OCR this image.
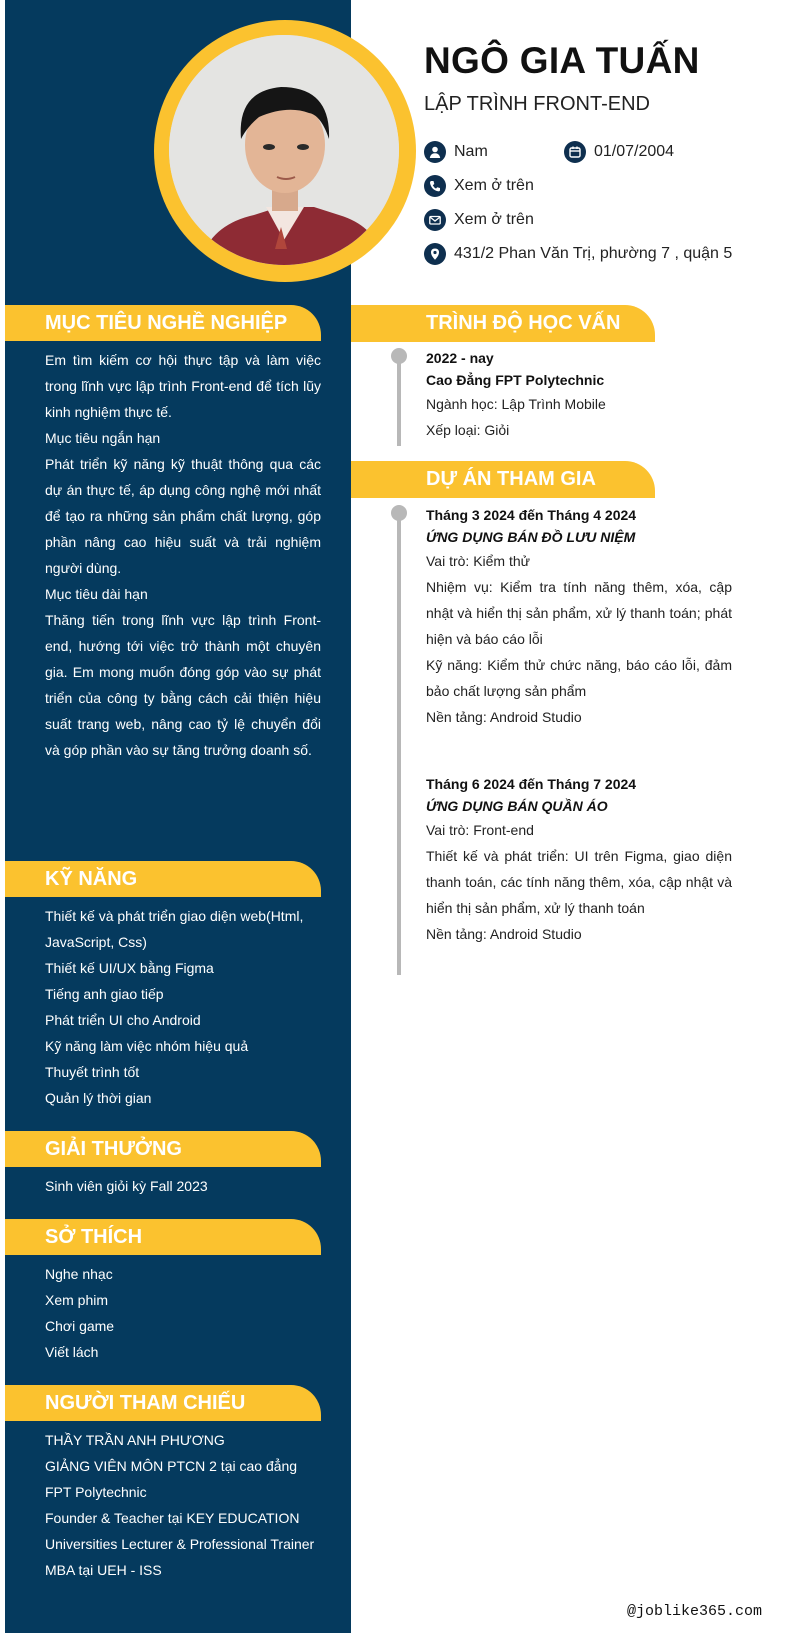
NGÔ GIA TUẤN
LẬP TRÌNH FRONT-END
Nam	01/07/2004
Xem ở trên
Xem ở trên
431/2 Phan Văn Trị, phường 7 , quận 5
MỤC TIÊU NGHỀ NGHIỆP

Em tìm kiếm cơ hội thực tập và làm việc trong lĩnh vực lập trình Front-end để tích lũy kinh nghiệm thực tế.

Mục tiêu ngắn hạn

Phát triển kỹ năng kỹ thuật thông qua các dự án thực tế, áp dụng công nghệ mới nhất để tạo ra những sản phẩm chất lượng, góp phần nâng cao hiệu suất và trải nghiệm người dùng.

Mục tiêu dài hạn

Thăng tiến trong lĩnh vực lập trình Front-end, hướng tới việc trở thành một chuyên gia. Em mong muốn đóng góp vào sự phát triển của công ty bằng cách cải thiện hiệu suất trang web, nâng cao tỷ lệ chuyển đổi và góp phần vào sự tăng trưởng doanh số.

KỸ NĂNG

Thiết kế và phát triển giao diện web(Html, JavaScript, Css)

Thiết kế UI/UX bằng Figma

Tiếng anh giao tiếp

Phát triển UI cho Android

Kỹ năng làm việc nhóm hiệu quả

Thuyết trình tốt

Quản lý thời gian

GIẢI THƯỞNG

Sinh viên giỏi kỳ Fall 2023

SỞ THÍCH

Nghe nhạc

Xem phim

Chơi game

Viết lách

NGƯỜI THAM CHIẾU

THẦY TRẦN ANH PHƯƠNG

GIẢNG VIÊN MÔN PTCN 2 tại cao đẳng FPT Polytechnic

Founder & Teacher tại KEY EDUCATION

Universities Lecturer & Professional Trainer

MBA tại UEH - ISS

TRÌNH ĐỘ HỌC VẤN

2022 - nay

Cao Đẳng FPT Polytechnic

Ngành học: Lập Trình Mobile

Xếp loại: Giỏi

DỰ ÁN THAM GIA

Tháng 3 2024 đến Tháng 4 2024

ỨNG DỤNG BÁN ĐỒ LƯU NIỆM

Vai trò: Kiểm thử

Nhiệm vụ: Kiểm tra tính năng thêm, xóa, cập nhật và hiển thị sản phẩm, xử lý thanh toán; phát hiện và báo cáo lỗi

Kỹ năng: Kiểm thử chức năng, báo cáo lỗi, đảm bảo chất lượng sản phẩm

Nền tảng: Android Studio

Tháng 6 2024 đến Tháng 7 2024

ỨNG DỤNG BÁN QUẦN ÁO

Vai trò: Front-end

Thiết kế và phát triển: UI trên Figma, giao diện thanh toán, các tính năng thêm, xóa, cập nhật và hiển thị sản phẩm, xử lý thanh toán

Nền tảng: Android Studio

@joblike365.com
